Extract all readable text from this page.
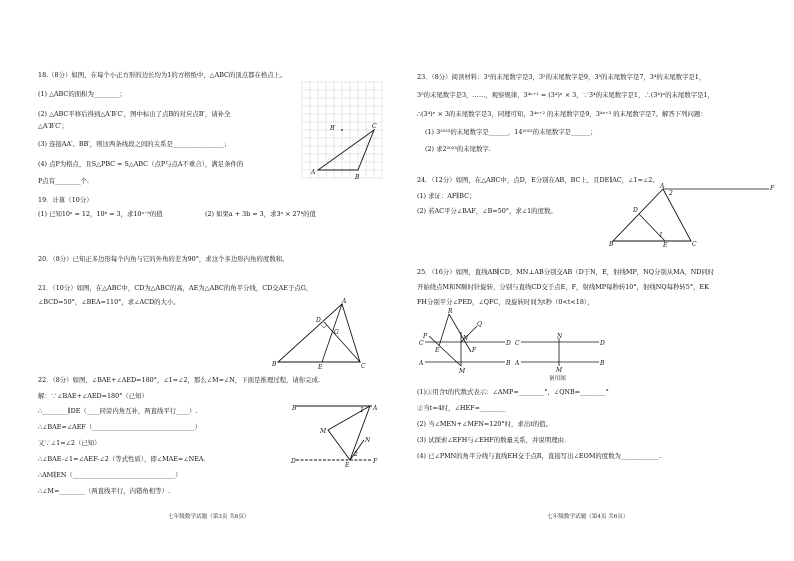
18.（8分）如图，在每个小正方形的边长均为1的方格纸中，△ABC的顶点都在格点上。
(1) △ABC的面积为________；
(2) △ABC平移后得到△A′B′C′，图中标出了点B的对应点B′，请补全
△A′B′C′；
(3) 连接AA′、BB′，则这两条线段之间的关系是________________；
(4) 点P为格点，且S△PBC = S△ABC（点P与点A不重合），满足条件的
P点有________个.
A
B
C
B′
19．计算（10分）
(1) 已知10ᵃ = 12，10ᵇ = 3，求10ᵃ⁻ᵇ的值	(2) 如果a + 3b = 3，求3ᵃ × 27ᵇ的值
20．（8分）已知正多边形每个内角与它的外角的差为90°，求这个多边形内角的度数和。
21．（10分）如图，在△ABC中，CD为△ABC的高，AE为△ABC的角平分线，CD交AE于点G，
∠BCD=50°，∠BEA=110°，求∠ACD的大小。
B	C
A
D
E
G
22．（8分）如图，∠BAE+∠AED=180°，∠1=∠2，那么∠M=∠N，下面是推理过程，请你完成.
解：∵∠BAE+∠AED=180°（已知）
∴________∥DE（____同旁内角互补，两直线平行____）.
∴∠BAE=∠AEF（________________________________）
又∵∠1=∠2（已知）
∴∠BAE-∠1=∠AEF-∠2（等式性质），即∠MAE=∠NEA．
∴AM∥EN（________________________________）
∴∠M=________（两直线平行，内错角相等）.
B	A
M
N
D
E
F
1
2
七年级数学试题（第3页 共6页）
23．（8分）阅读材料：3¹的末尾数字是3，3²的末尾数字是9，3³的末尾数字是7，3⁴的末尾数字是1，
3⁵的末尾数字是3，……，观察规律，3⁴ⁿ⁺¹ = (3⁴)ⁿ × 3，∵3⁴的末尾数字是1，∴(3⁴)ⁿ的末尾数字是1，
∴(3⁴)ⁿ × 3的末尾数字是3，同理可知，3⁴ⁿ⁺² 的末尾数字是9，3⁴ⁿ⁺³ 的末尾数字是7。解答下列问题：
(1) 3²⁰²³的末尾数字是______，14²⁰²²的末尾数字是______；
(2) 求2²⁰²³的末尾数字.
24．（12分）如图，在△ABC中，点D，E分别在AB，BC上，且DE∥AC，∠1=∠2。
(1) 求证：AF∥BC；
(2) 若AC平分∠BAF，∠B=50°，求∠1的度数。
A
B	C
D
E
F
2
1
25．（16分）如图，直线AB∥CD，MN⊥AB分别交AB（D于N，E，射线MP，NQ分别从MA，ND同时
开始绕点M和N顺时针旋转，分别与直线CD交于点E，F，射线MP每秒转10°，射线NQ每秒转5°，EK
FH分别平分∠PED，∠QFC，设旋转时间为t秒（0<t<18），
P
R
Q
C
E
N
F
D
A
M
B
C
N
D
A
M
B
备用图
(1)①用含t的代数式表示：∠AMP=________°，∠QNB=________°
②当t=4时，∠HEF=________
(2) 当∠MEN+∠MFN=120°时，求出t的值。
(3) 试探索∠EFH与∠EHF的数量关系，并说明理由.
(4) 已∠PMN的角平分线与直线EH交于点R，直接写出∠EOM的度数为____________.
七年级数学试题（第4页 共6页）
